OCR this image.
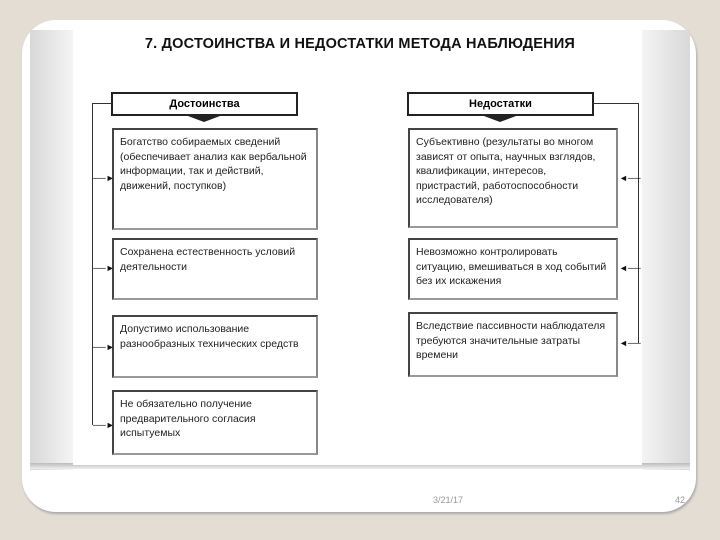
7. ДОСТОИНСТВА И НЕДОСТАТКИ МЕТОДА НАБЛЮДЕНИЯ
Достоинства	Недостатки
Богатство собираемых сведений (обеспечивает анализ как вербальной информации, так и действий, движений, поступков)
Сохранена естественность условий деятельности
Допустимо использование разнообразных технических средств
Не обязательно получение предварительного согласия испытуемых
──►
──►
──►
──►
Субъективно (результаты во многом зависят от опыта, научных взглядов, квалификации, интересов, пристрастий, работоспособности исследователя)
Невозможно контролировать ситуацию, вмешиваться в ход событий без их искажения
Вследствие пассивности наблюдателя требуются значительные затраты времени
◄──
◄──
◄──
3/21/17	42
